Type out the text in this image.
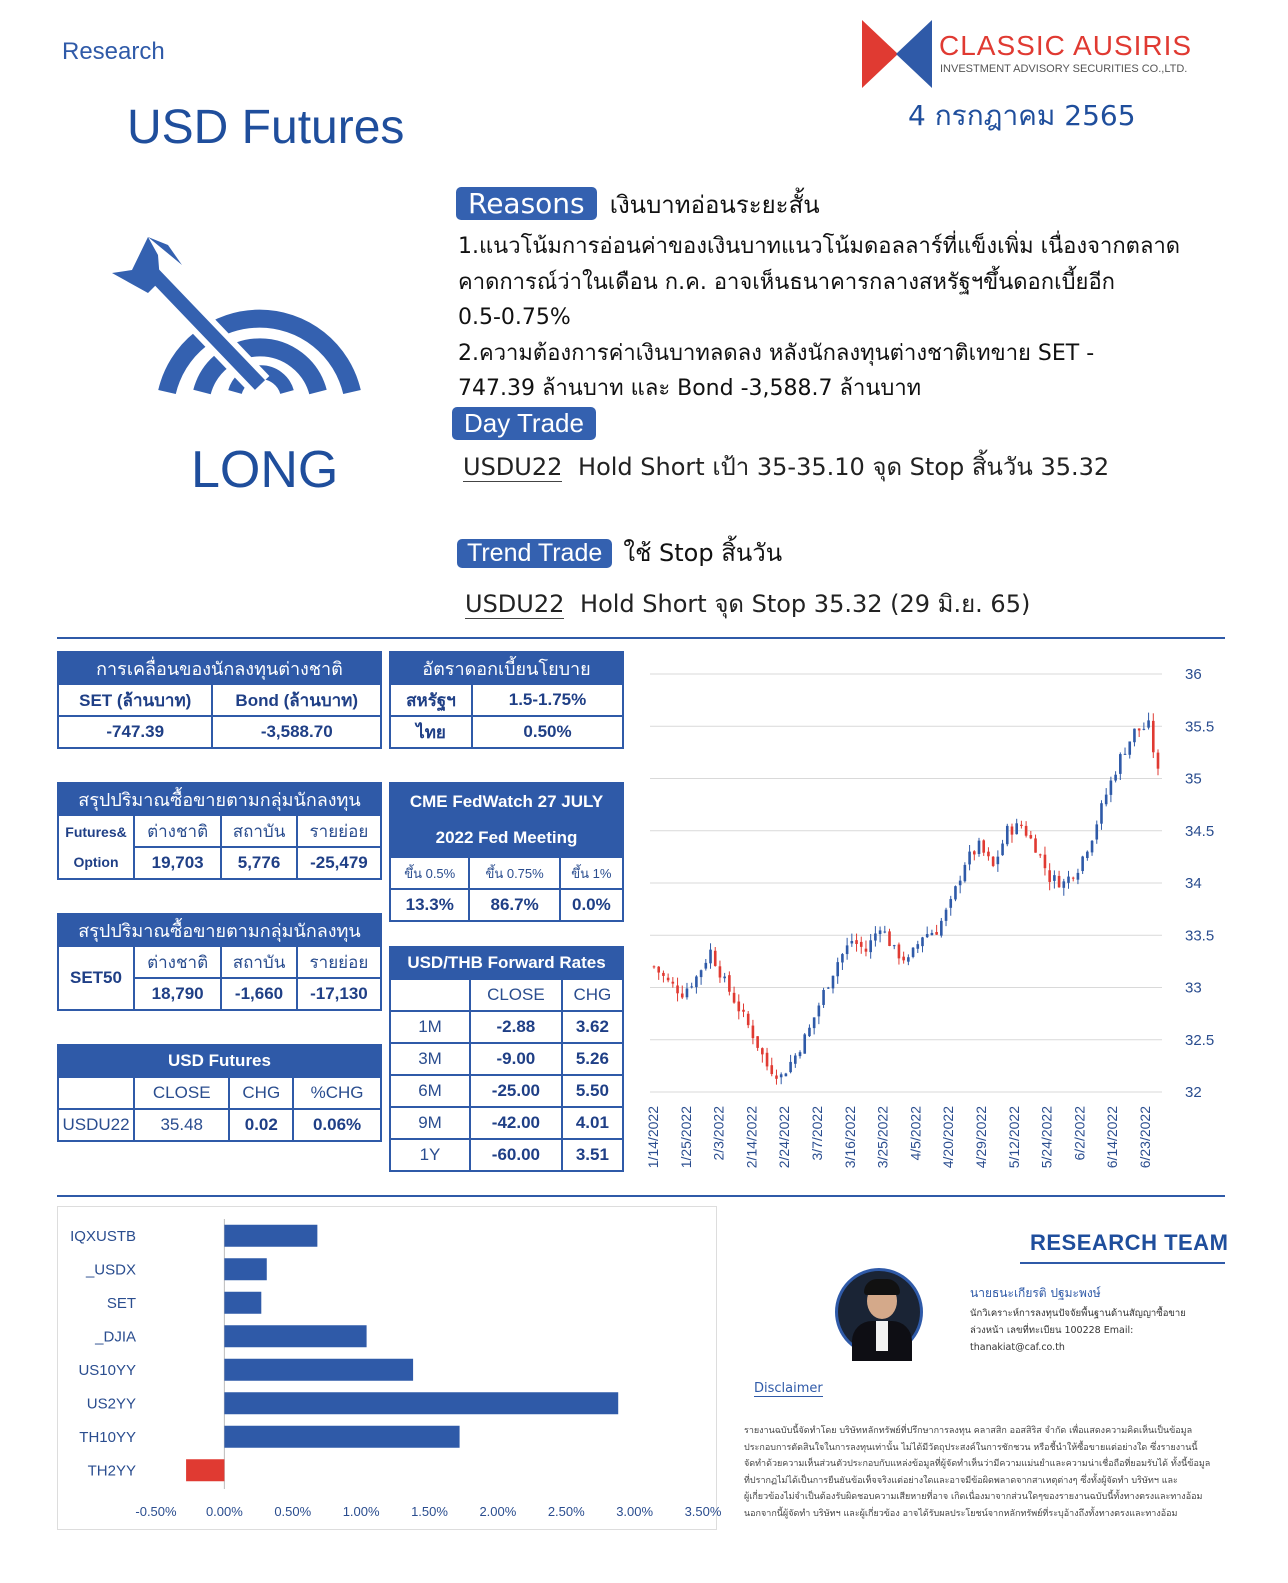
Research
USD Futures
CLASSIC AUSIRIS
INVESTMENT ADVISORY SECURITIES CO.,LTD.
4 กรกฎาคม 2565
LONG
Reasons เงินบาทอ่อนระยะสั้น
1.แนวโน้มการอ่อนค่าของเงินบาทแนวโน้มดอลลาร์ที่แข็งเพิ่ม เนื่องจากตลาด
คาดการณ์ว่าในเดือน ก.ค. อาจเห็นธนาคารกลางสหรัฐฯขึ้นดอกเบี้ยอีก
0.5-0.75%
2.ความต้องการค่าเงินบาทลดลง หลังนักลงทุนต่างชาติเทขาย SET -
747.39 ล้านบาท และ Bond -3,588.7 ล้านบาท
Day Trade
USDU22 Hold Short เป้า 35-35.10 จุด Stop สิ้นวัน 35.32
Trend Trade ใช้ Stop สิ้นวัน
USDU22 Hold Short จุด Stop 35.32 (29 มิ.ย. 65)
การเคลื่อนของนักลงทุนต่างชาติ	
SET (ล้านบาท)	Bond (ล้านบาท)
-747.39	-3,588.70
อัตราดอกเบี้ยนโยบาย	
สหรัฐฯ	1.5-1.75%
ไทย	0.50%
สรุปปริมาณซื้อขายตามกลุ่มนักลงทุน			

Futures&
Option	ต่างชาติ	สถาบัน	รายย่อย
	19,703	5,776	-25,479
CME FedWatch 27 JULY
2022 Fed Meeting		

ขึ้น 0.5%	ขึ้น 0.75%	ขึ้น 1%
13.3%	86.7%	0.0%
สรุปปริมาณซื้อขายตามกลุ่มนักลงทุน			
SET50	ต่างชาติ	สถาบัน	รายย่อย
	18,790	-1,660	-17,130
USD/THB Forward Rates		
	CLOSE	CHG
1M	-2.88	3.62
3M	-9.00	5.26
6M	-25.00	5.50
9M	-42.00	4.01
1Y	-60.00	3.51
USD Futures			
	CLOSE	CHG	%CHG
USDU22	35.48	0.02	0.06%
32
32.5
33
33.5
34
34.5
35
35.5
36
1/14/2022 1/25/2022 2/3/2022 2/14/2022 2/24/2022 3/7/2022 3/16/2022 3/25/2022 4/5/2022 4/20/2022 4/29/2022 5/12/2022 5/24/2022 6/2/2022 6/14/2022 6/23/2022
IQXUSTB
_USDX
SET
_DJIA
US10YY
US2YY
TH10YY
TH2YY
-0.50% 0.00% 0.50% 1.00% 1.50% 2.00% 2.50% 3.00% 3.50%
RESEARCH TEAM
นายธนะเกียรติ ปฐมะพงษ์
นักวิเคราะห์การลงทุนปัจจัยพื้นฐานด้านสัญญาซื้อขาย
ล่วงหน้า เลขที่ทะเบียน 100228 Email:
thanakiat@caf.co.th
Disclaimer
รายงานฉบับนี้จัดทำโดย บริษัทหลักทรัพย์ที่ปรึกษาการลงทุน คลาสสิก ออสสิริส จำกัด เพื่อแสดงความคิดเห็นเป็นข้อมูล
ประกอบการตัดสินใจในการลงทุนเท่านั้น ไม่ได้มีวัตถุประสงค์ในการชักชวน หรือชี้นำให้ซื้อขายแต่อย่างใด ซึ่งรายงานนี้
จัดทำด้วยความเห็นส่วนตัวประกอบกับแหล่งข้อมูลที่ผู้จัดทำเห็นว่ามีความแม่นยำและความน่าเชื่อถือที่ยอมรับได้ ทั้งนี้ข้อมูล
ที่ปรากฏไม่ได้เป็นการยืนยันข้อเท็จจริงแต่อย่างใดและอาจมีข้อผิดพลาดจากสาเหตุต่างๆ ซึ่งทั้งผู้จัดทำ บริษัทฯ และ
ผู้เกี่ยวข้องไม่จำเป็นต้องรับผิดชอบความเสียหายที่อาจ เกิดเนื่องมาจากส่วนใดๆของรายงานฉบับนี้ทั้งทางตรงและทางอ้อม
นอกจากนี้ผู้จัดทำ บริษัทฯ และผู้เกี่ยวข้อง อาจได้รับผลประโยชน์จากหลักทรัพย์ที่ระบุอ้างถึงทั้งทางตรงและทางอ้อม
